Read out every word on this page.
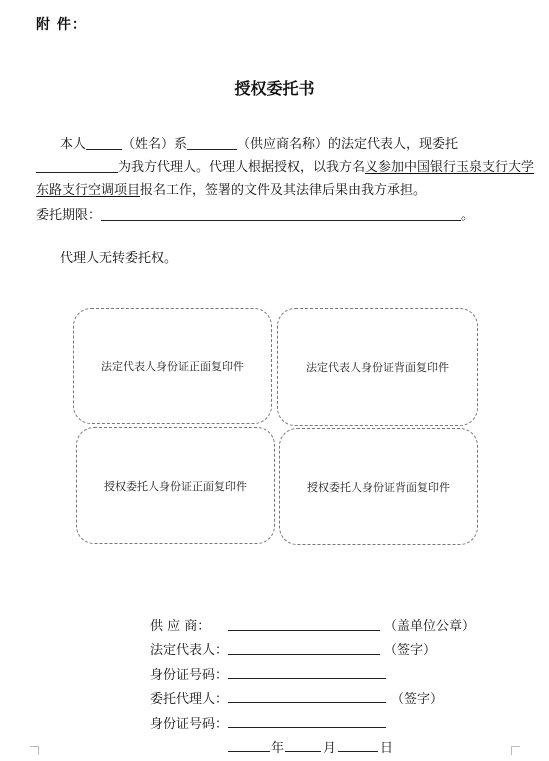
附 件：
授权委托书
本人	（姓名）系	（供应商名称）的法定代表人，现委托
为我方代理人。代理人根据授权，以我方名义参加中国银行玉泉支行大学
东路支行空调项目报名工作，签署的文件及其法律后果由我方承担。
委托期限：	。
代理人无转委托权。
法定代表人身份证正面复印件	法定代表人身份证背面复印件
授权委托人身份证正面复印件	授权委托人身份证背面复印件
供 应 商：	（盖单位公章）
法定代表人：	（签字）
身份证号码：
委托代理人：	（签字）
身份证号码：
年	月	日
